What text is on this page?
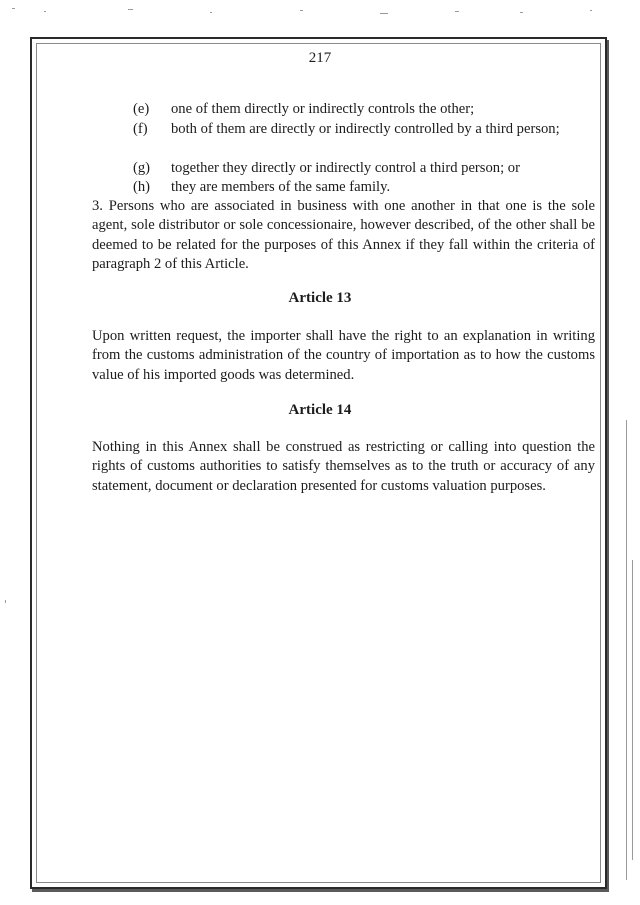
217
(e) one of them directly or indirectly controls the other;
(f) both of them are directly or indirectly controlled by a third person;
(g) together they directly or indirectly control a third person; or
(h) they are members of the same family.
3. Persons who are associated in business with one another in that one is the sole agent, sole distributor or sole concessionaire, however described, of the other shall be deemed to be related for the purposes of this Annex if they fall within the criteria of paragraph 2 of this Article.
Article 13
Upon written request, the importer shall have the right to an explanation in writing from the customs administration of the country of importation as to how the customs value of his imported goods was determined.
Article 14
Nothing in this Annex shall be construed as restricting or calling into question the rights of customs authorities to satisfy themselves as to the truth or accuracy of any statement, document or declaration presented for customs valuation purposes.
